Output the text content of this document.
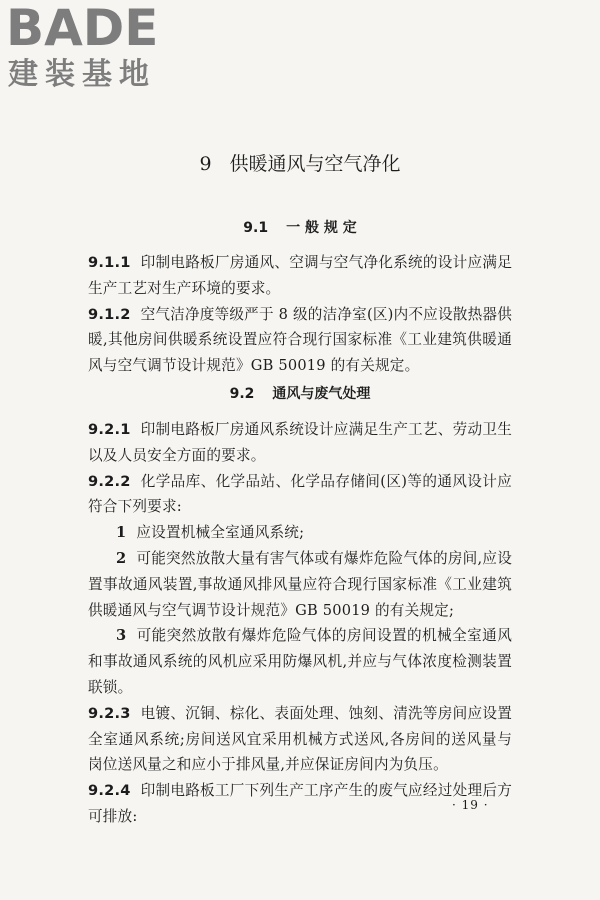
BADE
建装基地
9 供暖通风与空气净化
9.1 一 般 规 定

9.1.1 印制电路板厂房通风、空调与空气净化系统的设计应满足生产工艺对生产环境的要求。

9.1.2 空气洁净度等级严于 8 级的洁净室(区)内不应设散热器供暖,其他房间供暖系统设置应符合现行国家标准《工业建筑供暖通风与空气调节设计规范》GB 50019 的有关规定。

9.2 通风与废气处理

9.2.1 印制电路板厂房通风系统设计应满足生产工艺、劳动卫生以及人员安全方面的要求。

9.2.2 化学品库、化学品站、化学品存储间(区)等的通风设计应符合下列要求:

1 应设置机械全室通风系统;

2 可能突然放散大量有害气体或有爆炸危险气体的房间,应设置事故通风装置,事故通风排风量应符合现行国家标准《工业建筑供暖通风与空气调节设计规范》GB 50019 的有关规定;

3 可能突然放散有爆炸危险气体的房间设置的机械全室通风和事故通风系统的风机应采用防爆风机,并应与气体浓度检测装置联锁。

9.2.3 电镀、沉铜、棕化、表面处理、蚀刻、清洗等房间应设置全室通风系统;房间送风宜采用机械方式送风,各房间的送风量与岗位送风量之和应小于排风量,并应保证房间内为负压。

9.2.4 印制电路板工厂下列生产工序产生的废气应经过处理后方可排放:

· 19 ·
